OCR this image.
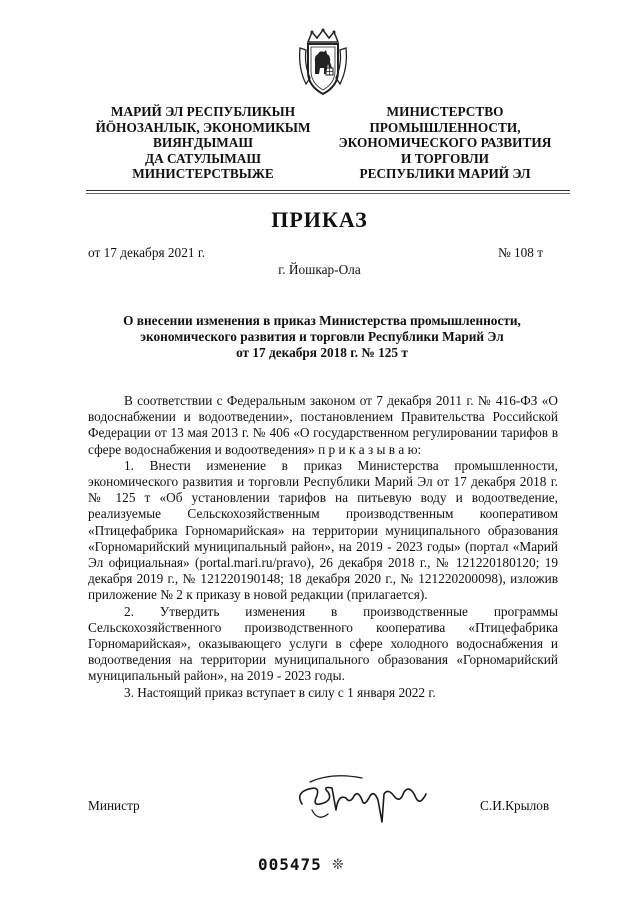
МАРИЙ ЭЛ РЕСПУБЛИКЫН
ЙӦНОЗАНЛЫК, ЭКОНОМИКЫМ
ВИЯҤДЫМАШ
ДА САТУЛЫМАШ
МИНИСТЕРСТВЫЖЕ
МИНИСТЕРСТВО
ПРОМЫШЛЕННОСТИ,
ЭКОНОМИЧЕСКОГО РАЗВИТИЯ
И ТОРГОВЛИ
РЕСПУБЛИКИ МАРИЙ ЭЛ
ПРИКАЗ
от 17 декабря 2021 г.	№ 108 т
г. Йошкар-Ола
О внесении изменения в приказ Министерства промышленности,
экономического развития и торговли Республики Марий Эл
от 17 декабря 2018 г. № 125 т

В соответствии с Федеральным законом от 7 декабря 2011 г. № 416-ФЗ «О водоснабжении и водоотведении», постановлением Правительства Российской Федерации от 13 мая 2013 г. № 406 «О государственном регулировании тарифов в сфере водоснабжения и водоотведения» п р и к а з ы в а ю:

1. Внести изменение в приказ Министерства промышленности, экономического развития и торговли Республики Марий Эл от 17 декабря 2018 г. № 125 т «Об установлении тарифов на питьевую воду и водоотведение, реализуемые Сельскохозяйственным производственным кооперативом «Птицефабрика Горномарийская» на территории муниципального образования «Горномарийский муниципальный район», на 2019 - 2023 годы» (портал «Марий Эл официальная» (portal.mari.ru/pravo), 26 декабря 2018 г., № 121220180120; 19 декабря 2019 г., № 121220190148; 18 декабря 2020 г., № 121220200098), изложив приложение № 2 к приказу в новой редакции (прилагается).

2. Утвердить изменения в производственные программы Сельскохозяйственного производственного кооператива «Птицефабрика Горномарийская», оказывающего услуги в сфере холодного водоснабжения и водоотведения на территории муниципального образования «Горномарийский муниципальный район», на 2019 - 2023 годы.

3. Настоящий приказ вступает в силу с 1 января 2022 г.

Министр	С.И.Крылов
005475 ❊
